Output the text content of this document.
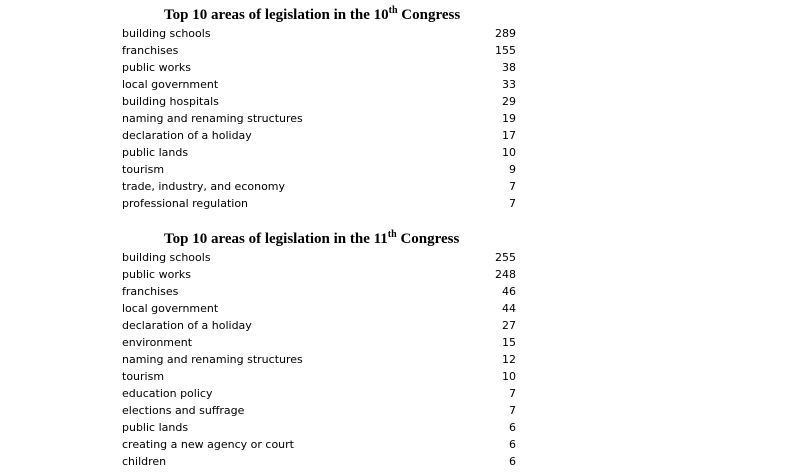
Top 10 areas of legislation in the 10th Congress
building schools	289
franchises	155
public works	38
local government	33
building hospitals	29
naming and renaming structures	19
declaration of a holiday	17
public lands	10
tourism	9
trade, industry, and economy	7
professional regulation	7
Top 10 areas of legislation in the 11th Congress
building schools	255
public works	248
franchises	46
local government	44
declaration of a holiday	27
environment	15
naming and renaming structures	12
tourism	10
education policy	7
elections and suffrage	7
public lands	6
creating a new agency or court	6
children	6
